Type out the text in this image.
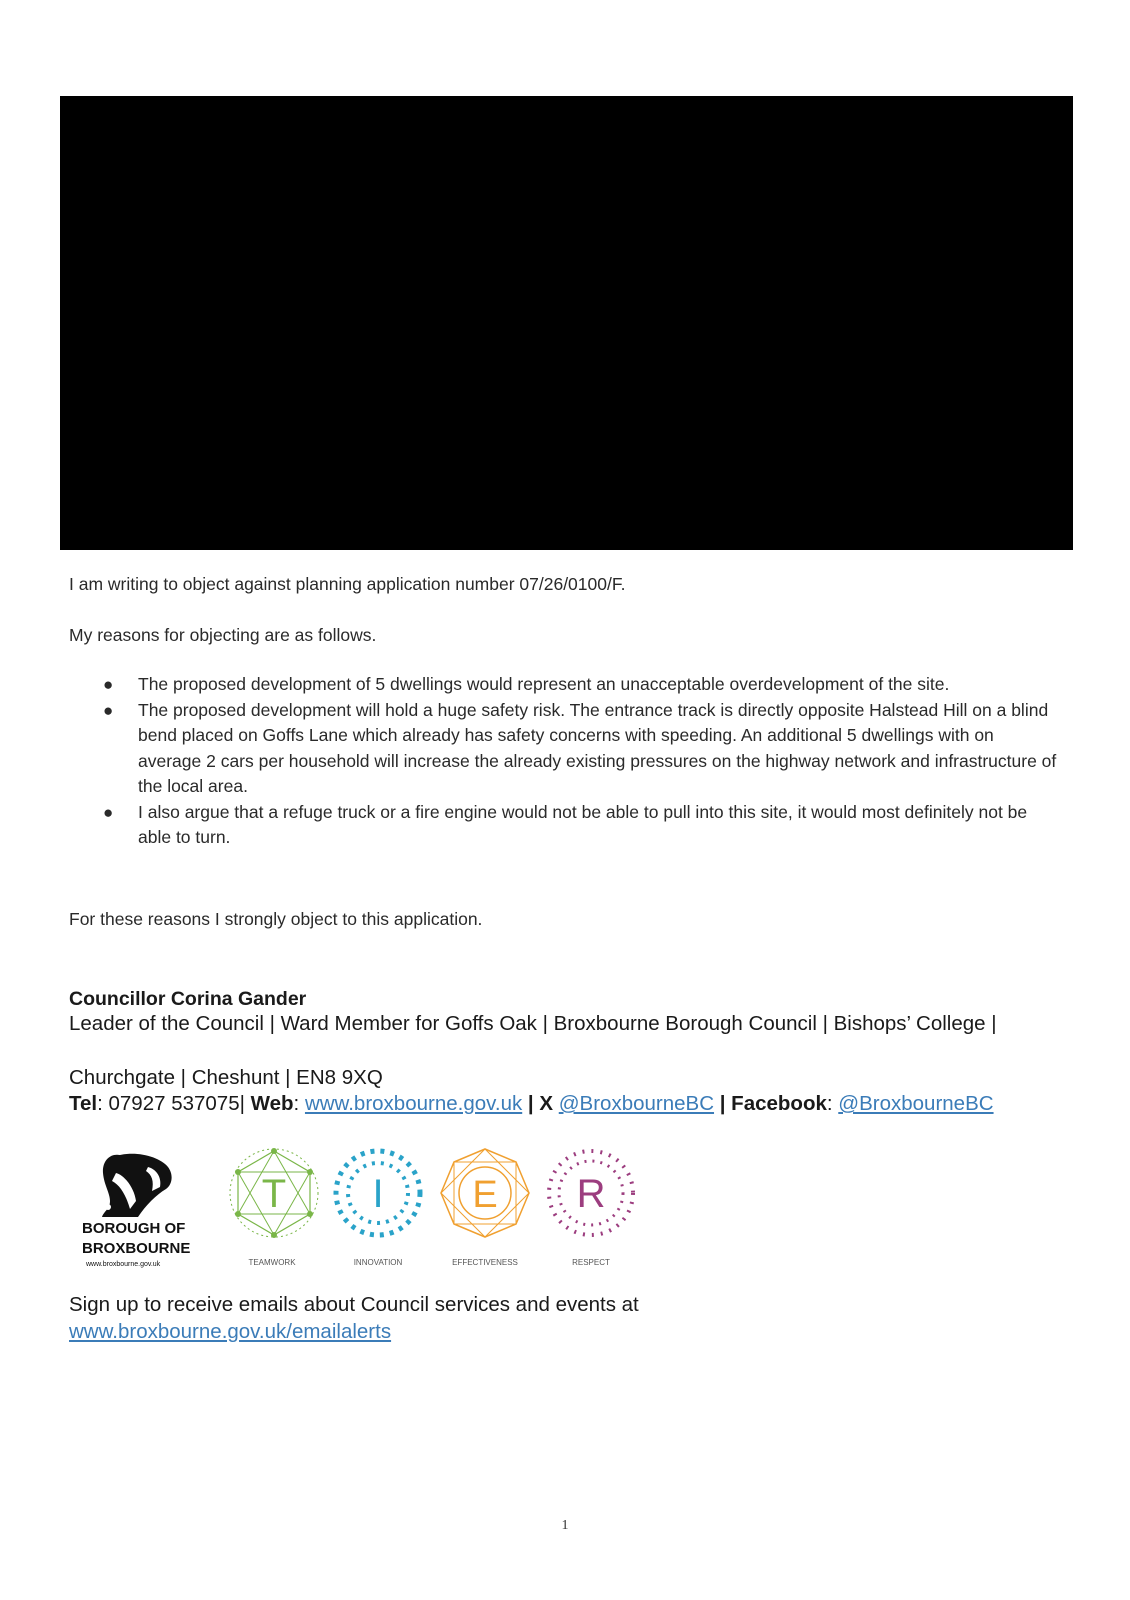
I am writing to object against planning application number 07/26/0100/F.
My reasons for objecting are as follows.
● The proposed development of 5 dwellings would represent an unacceptable overdevelopment of the site.
● The proposed development will hold a huge safety risk. The entrance track is directly opposite Halstead Hill on a blind bend placed on Goffs Lane which already has safety concerns with speeding. An additional 5 dwellings with on average 2 cars per household will increase the already existing pressures on the highway network and infrastructure of the local area.
● I also argue that a refuge truck or a fire engine would not be able to pull into this site, it would most definitely not be able to turn.
For these reasons I strongly object to this application.
Councillor Corina Gander
Leader of the Council | Ward Member for Goffs Oak | Broxbourne Borough Council | Bishops’ College |
Churchgate | Cheshunt | EN8 9XQ
Tel: 07927 537075| Web: www.broxbourne.gov.uk | X @BroxbourneBC | Facebook: @BroxbourneBC
BOROUGH OF
BROXBOURNE
www.broxbourne.gov.uk
T
TEAMWORK
I
INNOVATION
E
EFFECTIVENESS
R
RESPECT
Sign up to receive emails about Council services and events at
www.broxbourne.gov.uk/emailalerts
1
